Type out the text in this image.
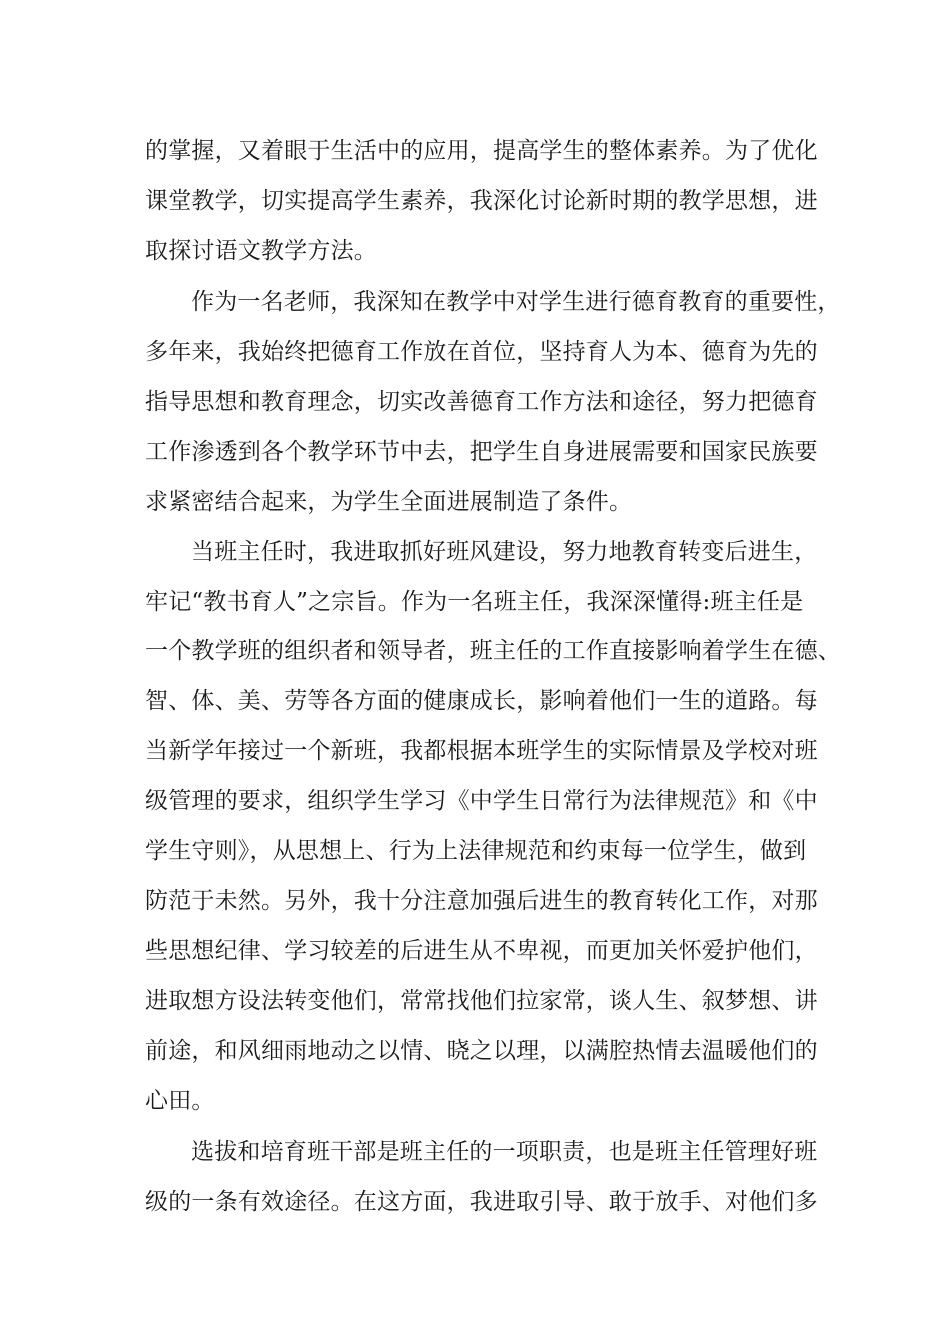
的掌握，又着眼于生活中的应用，提高学生的整体素养。为了优化
课堂教学，切实提高学生素养，我深化讨论新时期的教学思想，进
取探讨语文教学方法。
作为一名老师，我深知在教学中对学生进行德育教育的重要性，
多年来，我始终把德育工作放在首位，坚持育人为本、德育为先的
指导思想和教育理念，切实改善德育工作方法和途径，努力把德育
工作渗透到各个教学环节中去，把学生自身进展需要和国家民族要
求紧密结合起来，为学生全面进展制造了条件。
当班主任时，我进取抓好班风建设，努力地教育转变后进生，
牢记“教书育人”之宗旨。作为一名班主任，我深深懂得:班主任是
一个教学班的组织者和领导者，班主任的工作直接影响着学生在德、
智、体、美、劳等各方面的健康成长，影响着他们一生的道路。每
当新学年接过一个新班，我都根据本班学生的实际情景及学校对班
级管理的要求，组织学生学习《中学生日常行为法律规范》和《中
学生守则》，从思想上、行为上法律规范和约束每一位学生，做到
防范于未然。另外，我十分注意加强后进生的教育转化工作，对那
些思想纪律、学习较差的后进生从不卑视，而更加关怀爱护他们，
进取想方设法转变他们，常常找他们拉家常，谈人生、叙梦想、讲
前途，和风细雨地动之以情、晓之以理，以满腔热情去温暖他们的
心田。
选拔和培育班干部是班主任的一项职责，也是班主任管理好班
级的一条有效途径。在这方面，我进取引导、敢于放手、对他们多
